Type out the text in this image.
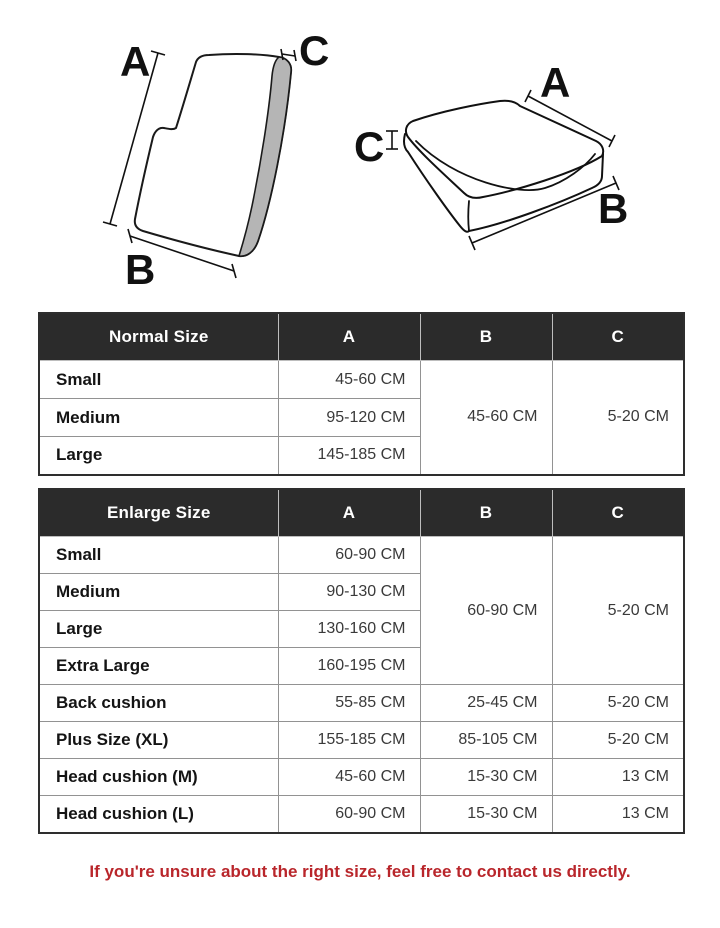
A
B
C
A
B
C
Normal Size	A	B	C
Small	45-60 CM	45-60 CM	5-20 CM
Medium	95-120 CM		
Large	145-185 CM		
Enlarge Size	A	B	C
Small	60-90 CM	60-90 CM	5-20 CM
Medium	90-130 CM		
Large	130-160 CM		
Extra Large	160-195 CM		
Back cushion	55-85 CM	25-45 CM	5-20 CM
Plus Size (XL)	155-185 CM	85-105 CM	5-20 CM
Head cushion (M)	45-60 CM	15-30 CM	13 CM
Head cushion (L)	60-90 CM	15-30 CM	13 CM
If you're unsure about the right size, feel free to contact us directly.
